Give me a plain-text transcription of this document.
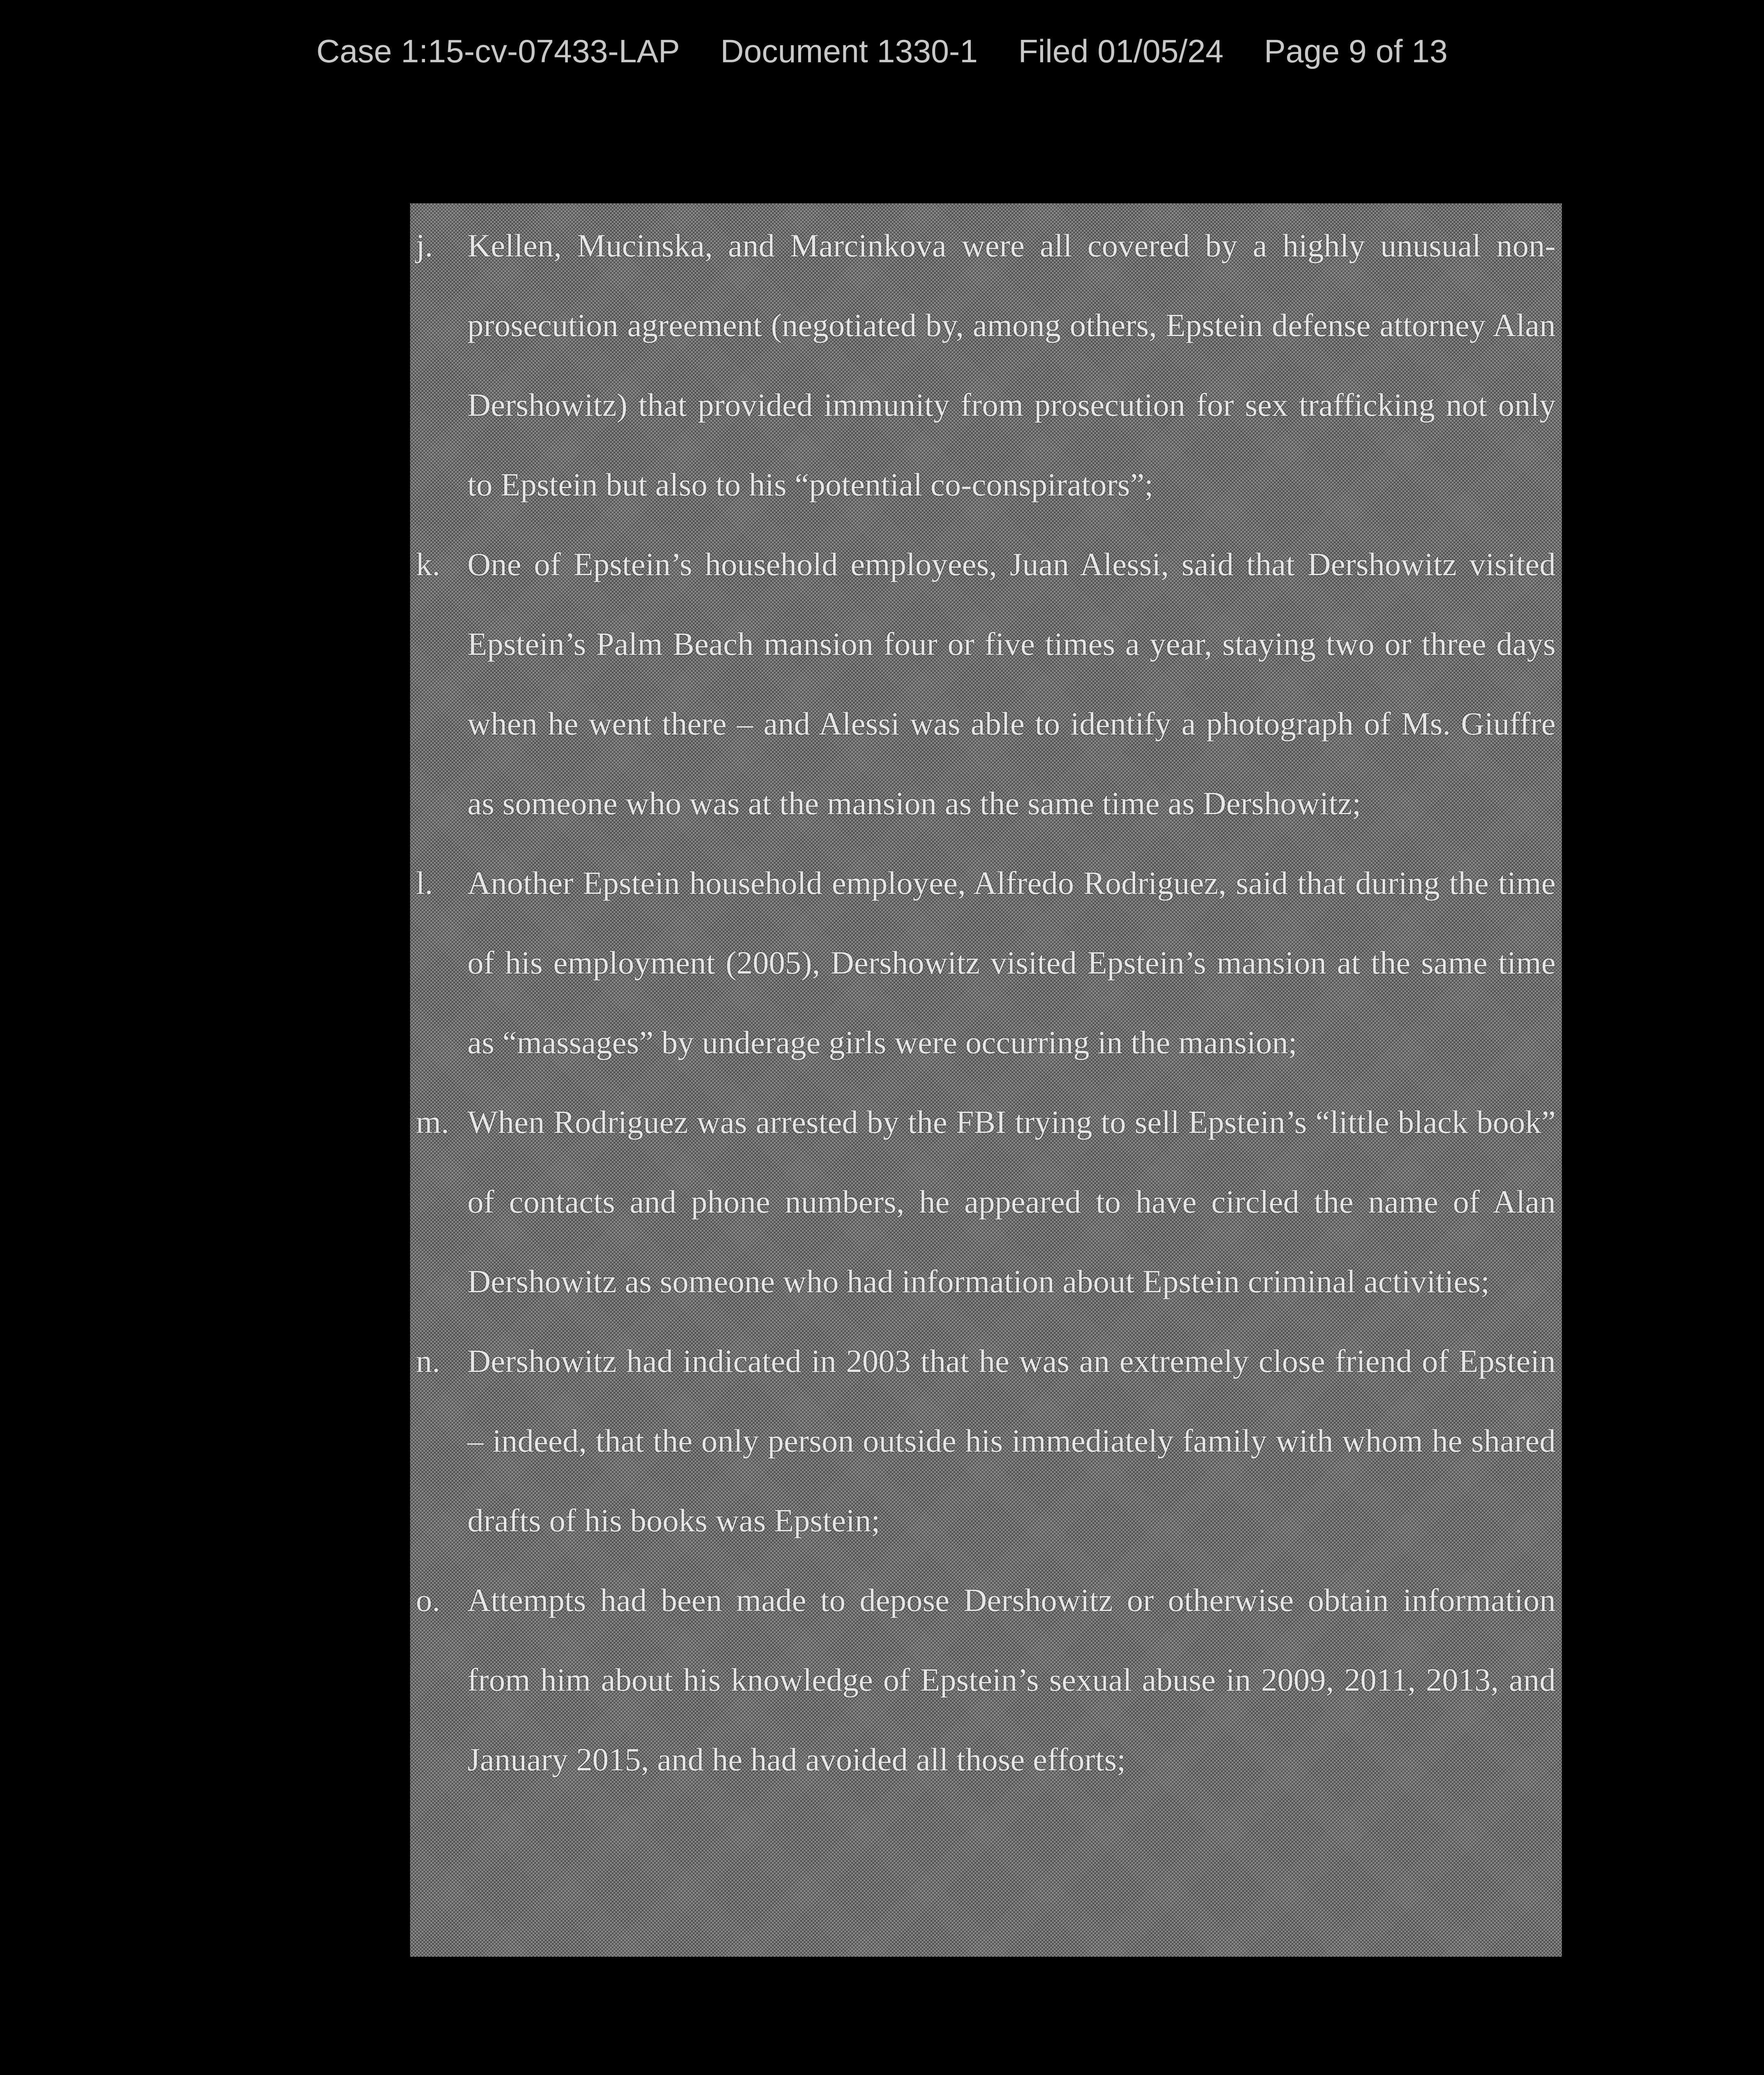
Case 1:15-cv-07433-LAP Document 1330-1 Filed 01/05/24 Page 9 of 13
j.	Kellen, Mucinska, and Marcinkova were all covered by a highly unusual non-prosecution agreement (negotiated by, among others, Epstein defense attorney Alan Dershowitz) that provided immunity from prosecution for sex trafficking not only to Epstein but also to his “potential co-conspirators”;
k. One of Epstein’s household employees, Juan Alessi, said that Dershowitz visited Epstein’s Palm Beach mansion four or five times a year, staying two or three days when he went there – and Alessi was able to identify a photograph of Ms. Giuffre as someone who was at the mansion as the same time as Dershowitz;
l.	Another Epstein household employee, Alfredo Rodriguez, said that during the time of his employment (2005), Dershowitz visited Epstein’s mansion at the same time as “massages” by underage girls were occurring in the mansion;
m. When Rodriguez was arrested by the FBI trying to sell Epstein’s “little black book” of contacts and phone numbers, he appeared to have circled the name of Alan Dershowitz as someone who had information about Epstein criminal activities;
n. Dershowitz had indicated in 2003 that he was an extremely close friend of Epstein – indeed, that the only person outside his immediately family with whom he shared drafts of his books was Epstein;
o. Attempts had been made to depose Dershowitz or otherwise obtain information from him about his knowledge of Epstein’s sexual abuse in 2009, 2011, 2013, and January 2015, and he had avoided all those efforts;
